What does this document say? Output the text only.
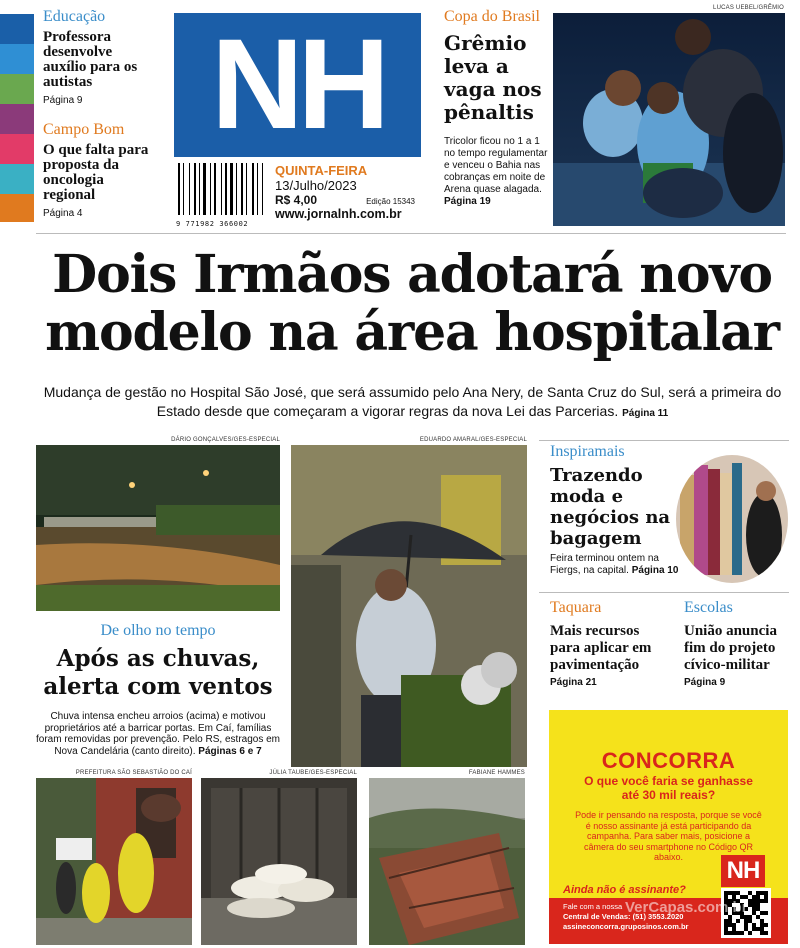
Educação
Professora desenvolve auxílio para os autistas
Página 9
Campo Bom
O que falta para proposta da oncologia regional
Página 4
NH
9 771982 366002
QUINTA-FEIRA
13/Julho/2023
R$ 4,00	Edição 15343
www.jornalnh.com.br
Copa do Brasil
Grêmio leva a vaga nos pênaltis
Tricolor ficou no 1 a 1 no tempo regulamentar e venceu o Bahia nas cobranças em noite de Arena quase alagada. Página 19
LUCAS UEBEL/GRÊMIO
Dois Irmãos adotará novo modelo na área hospitalar
Mudança de gestão no Hospital São José, que será assumido pelo Ana Nery, de Santa Cruz do Sul, será a primeira do Estado desde que começaram a vigorar regras da nova Lei das Parcerias. Página 11
DÁRIO GONÇALVES/GES-ESPECIAL	EDUARDO AMARAL/GES-ESPECIAL
De olho no tempo
Após as chuvas, alerta com ventos
Chuva intensa encheu arroios (acima) e motivou proprietários até a barricar portas. Em Caí, famílias foram removidas por prevenção. Pelo RS, estragos em Nova Candelária (canto direito). Páginas 6 e 7
PREFEITURA SÃO SEBASTIÃO DO CAÍ	JÚLIA TAUBE/GES-ESPECIAL	FABIANE HAMMES
Inspiramais
Trazendo moda e negócios na bagagem
Feira terminou ontem na Fiergs, na capital. Página 10
Taquara
Mais recursos para aplicar em pavimentação
Página 21
Escolas
União anuncia fim do projeto cívico-militar
Página 9
CONCORRA
O que você faria se ganhasse até 30 mil reais?
Pode ir pensando na resposta, porque se você é nosso assinante já está participando da campanha. Para saber mais, posicione a câmera do seu smartphone no Código QR abaixo.	NH
Ainda não é assinante?
Fale com a nossa
Central de Vendas: (51) 3553.2020
assineconcorra.gruposinos.com.br
VerCapas.com.br
